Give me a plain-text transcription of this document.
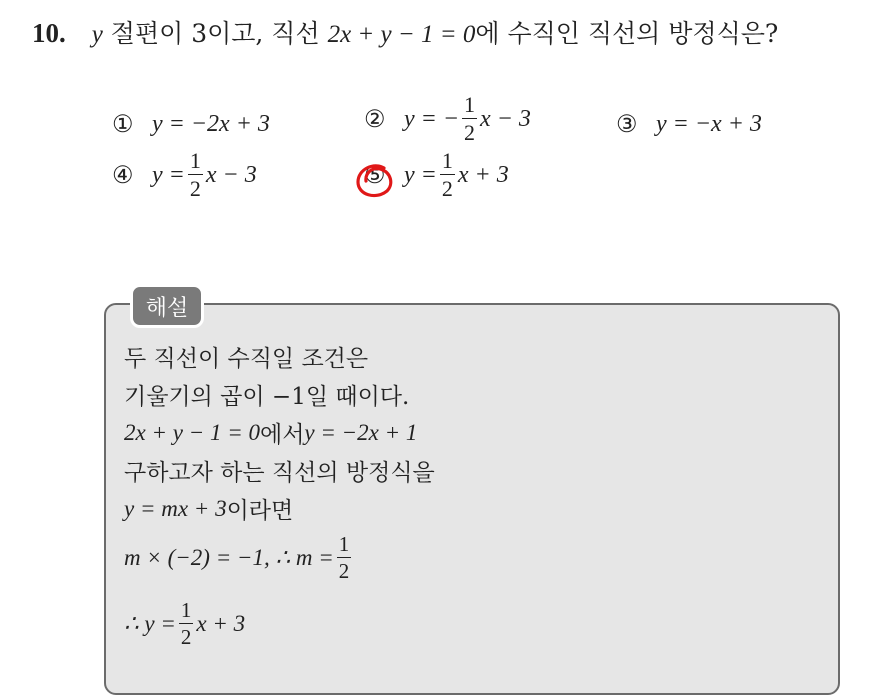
10. y 절편이 3이고, 직선 2x + y − 1 = 0에 수직인 직선의 방정식은?
① y = −2x + 3	② y = − $\frac{1}{2}$ x − 3	③ y = −x + 3
④ $y = \frac{1}{2}$ x − 3	⑤ $y = \frac{1}{2}$ x + 3
해설
두 직선이 수직일 조건은
기울기의 곱이 −1일 때이다.
2x + y − 1 = 0 에서 y = −2x + 1
구하고자 하는 직선의 방정식을
y = mx + 3 이라면
m × (−2) = −1, ∴ $m = \frac{1}{2}$
∴ $y = \frac{1}{2}$ x + 3
